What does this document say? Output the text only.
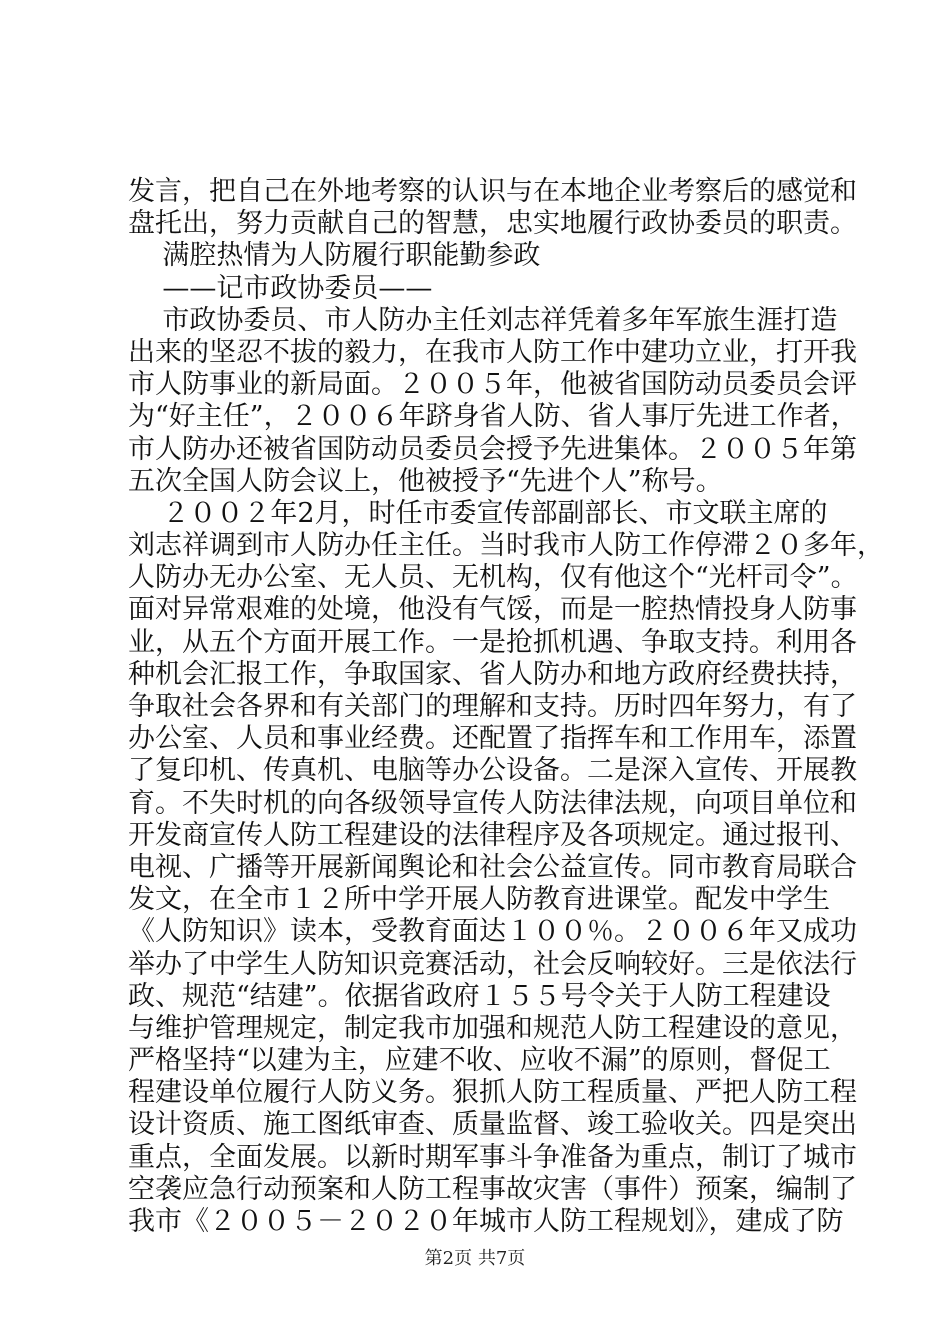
发言，把自己在外地考察的认识与在本地企业考察后的感觉和
盘托出，努力贡献自己的智慧，忠实地履行政协委员的职责。
满腔热情为人防履行职能勤参政
——记市政协委员——
市政协委员、市人防办主任刘志祥凭着多年军旅生涯打造
出来的坚忍不拔的毅力，在我市人防工作中建功立业，打开我
市人防事业的新局面。２００５年，他被省国防动员委员会评
为“好主任”，２００６年跻身省人防、省人事厅先进工作者，
市人防办还被省国防动员委员会授予先进集体。２００５年第
五次全国人防会议上，他被授予“先进个人”称号。
２００２年2月，时任市委宣传部副部长、市文联主席的
刘志祥调到市人防办任主任。当时我市人防工作停滞２０多年，
人防办无办公室、无人员、无机构，仅有他这个“光杆司令”。
面对异常艰难的处境，他没有气馁，而是一腔热情投身人防事
业，从五个方面开展工作。一是抢抓机遇、争取支持。利用各
种机会汇报工作，争取国家、省人防办和地方政府经费扶持，
争取社会各界和有关部门的理解和支持。历时四年努力，有了
办公室、人员和事业经费。还配置了指挥车和工作用车，添置
了复印机、传真机、电脑等办公设备。二是深入宣传、开展教
育。不失时机的向各级领导宣传人防法律法规，向项目单位和
开发商宣传人防工程建设的法律程序及各项规定。通过报刊、
电视、广播等开展新闻舆论和社会公益宣传。同市教育局联合
发文，在全市１２所中学开展人防教育进课堂。配发中学生
《人防知识》读本，受教育面达１００％。２００６年又成功
举办了中学生人防知识竞赛活动，社会反响较好。三是依法行
政、规范“结建”。依据省政府１５５号令关于人防工程建设
与维护管理规定，制定我市加强和规范人防工程建设的意见，
严格坚持“以建为主，应建不收、应收不漏”的原则，督促工
程建设单位履行人防义务。狠抓人防工程质量、严把人防工程
设计资质、施工图纸审查、质量监督、竣工验收关。四是突出
重点，全面发展。以新时期军事斗争准备为重点，制订了城市
空袭应急行动预案和人防工程事故灾害（事件）预案，编制了
我市《２００５－２０２０年城市人防工程规划》，建成了防
第2页 共7页
